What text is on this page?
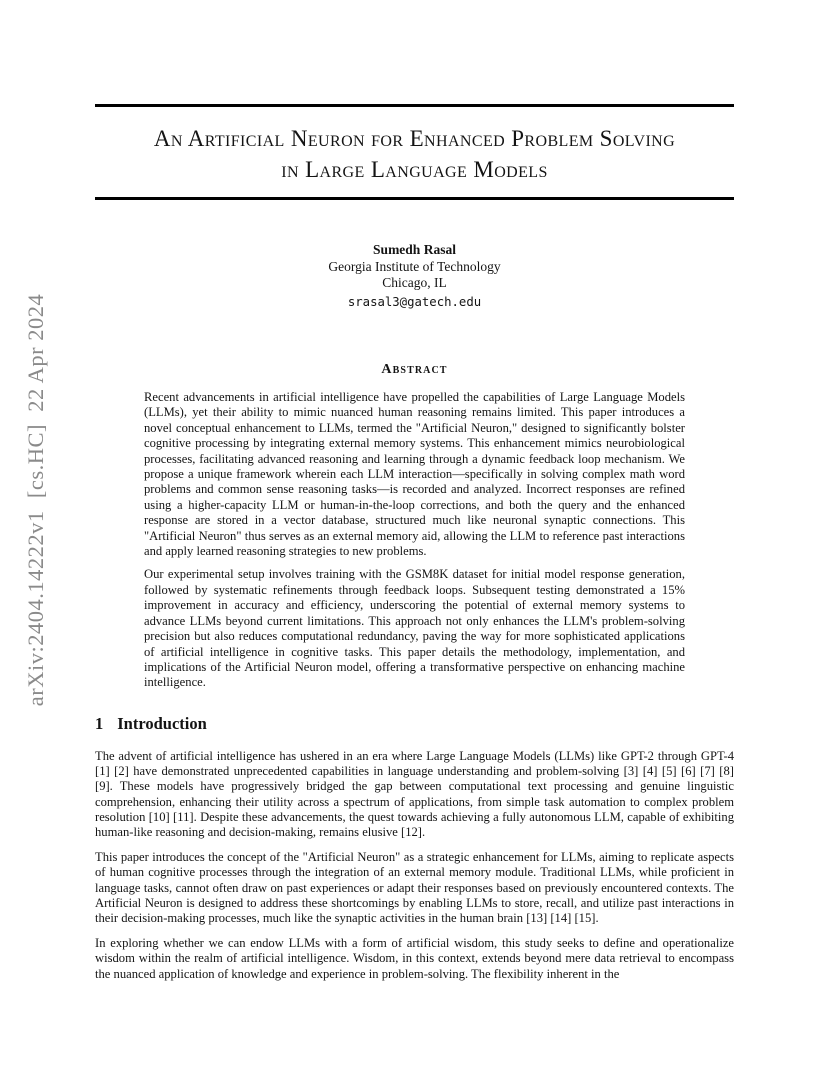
arXiv:2404.14222v1  [cs.HC]  22 Apr 2024
An Artificial Neuron for Enhanced Problem Solving
in Large Language Models
Sumedh Rasal
Georgia Institute of Technology
Chicago, IL
srasal3@gatech.edu
Abstract

Recent advancements in artificial intelligence have propelled the capabilities of Large Language Models (LLMs), yet their ability to mimic nuanced human reasoning remains limited. This paper introduces a novel conceptual enhancement to LLMs, termed the "Artificial Neuron," designed to significantly bolster cognitive processing by integrating external memory systems. This enhancement mimics neurobiological processes, facilitating advanced reasoning and learning through a dynamic feedback loop mechanism. We propose a unique framework wherein each LLM interaction—specifically in solving complex math word problems and common sense reasoning tasks—is recorded and analyzed. Incorrect responses are refined using a higher-capacity LLM or human-in-the-loop corrections, and both the query and the enhanced response are stored in a vector database, structured much like neuronal synaptic connections. This "Artificial Neuron" thus serves as an external memory aid, allowing the LLM to reference past interactions and apply learned reasoning strategies to new problems.

Our experimental setup involves training with the GSM8K dataset for initial model response generation, followed by systematic refinements through feedback loops. Subsequent testing demonstrated a 15% improvement in accuracy and efficiency, underscoring the potential of external memory systems to advance LLMs beyond current limitations. This approach not only enhances the LLM's problem-solving precision but also reduces computational redundancy, paving the way for more sophisticated applications of artificial intelligence in cognitive tasks. This paper details the methodology, implementation, and implications of the Artificial Neuron model, offering a transformative perspective on enhancing machine intelligence.

1 Introduction

The advent of artificial intelligence has ushered in an era where Large Language Models (LLMs) like GPT-2 through GPT-4 [1] [2] have demonstrated unprecedented capabilities in language understanding and problem-solving [3] [4] [5] [6] [7] [8] [9]. These models have progressively bridged the gap between computational text processing and genuine linguistic comprehension, enhancing their utility across a spectrum of applications, from simple task automation to complex problem resolution [10] [11]. Despite these advancements, the quest towards achieving a fully autonomous LLM, capable of exhibiting human-like reasoning and decision-making, remains elusive [12].

This paper introduces the concept of the "Artificial Neuron" as a strategic enhancement for LLMs, aiming to replicate aspects of human cognitive processes through the integration of an external memory module. Traditional LLMs, while proficient in language tasks, cannot often draw on past experiences or adapt their responses based on previously encountered contexts. The Artificial Neuron is designed to address these shortcomings by enabling LLMs to store, recall, and utilize past interactions in their decision-making processes, much like the synaptic activities in the human brain [13] [14] [15].

In exploring whether we can endow LLMs with a form of artificial wisdom, this study seeks to define and operationalize wisdom within the realm of artificial intelligence. Wisdom, in this context, extends beyond mere data retrieval to encompass the nuanced application of knowledge and experience in problem-solving. The flexibility inherent in the
